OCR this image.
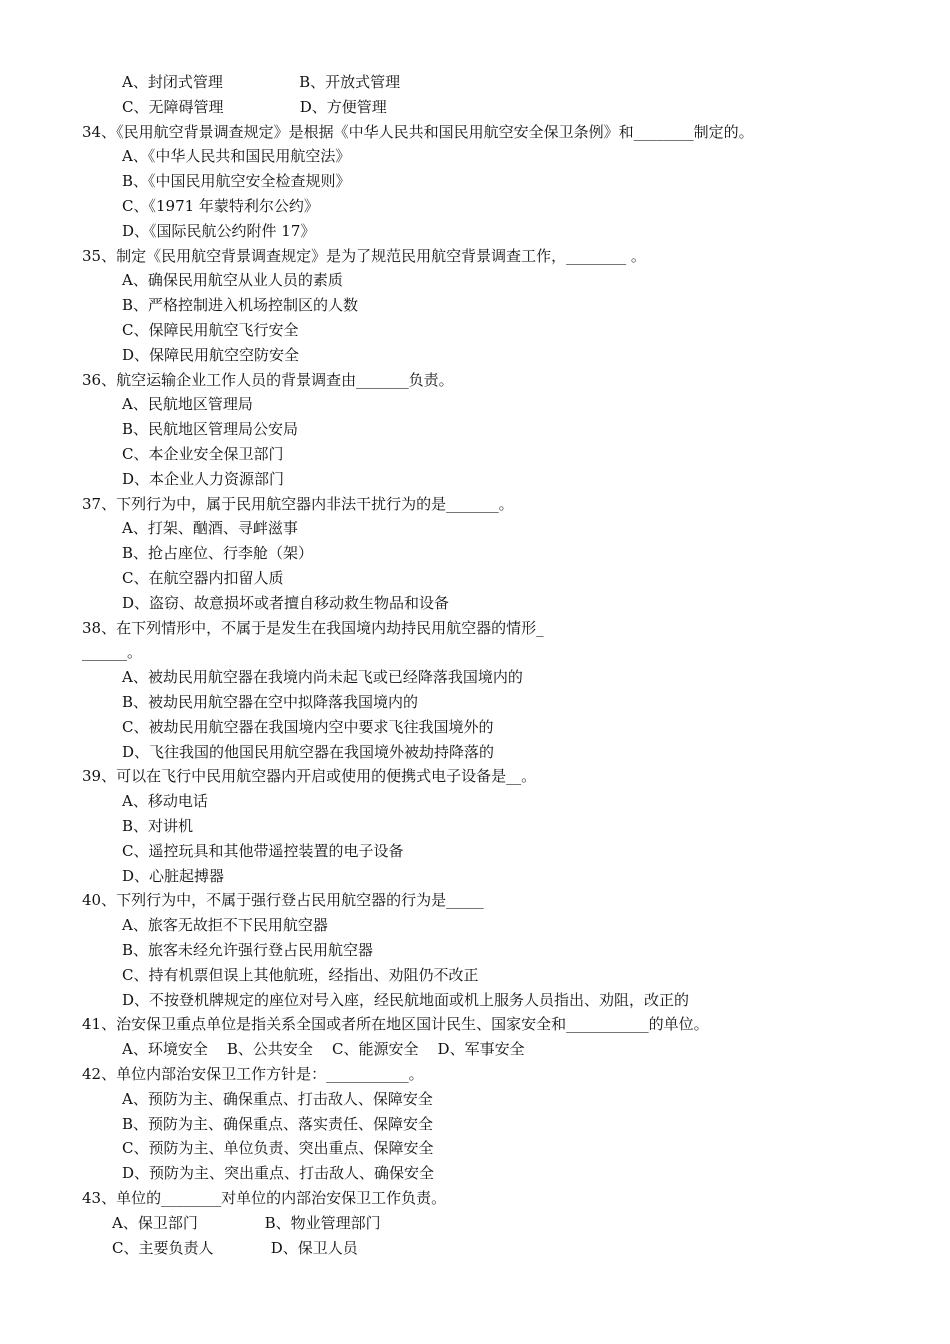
A、封闭式管理                B、开放式管理
C、无障碍管理                D、方便管理
34、《民用航空背景调查规定》是根据《中华人民共和国民用航空安全保卫条例》和________制定的。
A、《中华人民共和国民用航空法》
B、《中国民用航空安全检查规则》
C、《1971 年蒙特利尔公约》
D、《国际民航公约附件 17》
35、制定《民用航空背景调查规定》是为了规范民用航空背景调查工作，________ 。
A、确保民用航空从业人员的素质
B、严格控制进入机场控制区的人数
C、保障民用航空飞行安全
D、保障民用航空空防安全
36、航空运输企业工作人员的背景调查由_______负责。
A、民航地区管理局
B、民航地区管理局公安局
C、本企业安全保卫部门
D、本企业人力资源部门
37、下列行为中，属于民用航空器内非法干扰行为的是_______。
A、打架、酗酒、寻衅滋事
B、抢占座位、行李舱（架）
C、在航空器内扣留人质
D、盗窃、故意损坏或者擅自移动救生物品和设备
38、在下列情形中，不属于是发生在我国境内劫持民用航空器的情形_
______。
A、被劫民用航空器在我境内尚未起飞或已经降落我国境内的
B、被劫民用航空器在空中拟降落我国境内的
C、被劫民用航空器在我国境内空中要求飞往我国境外的
D、飞往我国的他国民用航空器在我国境外被劫持降落的
39、可以在飞行中民用航空器内开启或使用的便携式电子设备是__。
A、移动电话
B、对讲机
C、遥控玩具和其他带遥控装置的电子设备
D、心脏起搏器
40、下列行为中，不属于强行登占民用航空器的行为是_____
A、旅客无故拒不下民用航空器
B、旅客未经允许强行登占民用航空器
C、持有机票但误上其他航班，经指出、劝阻仍不改正
D、不按登机牌规定的座位对号入座，经民航地面或机上服务人员指出、劝阻，改正的
41、治安保卫重点单位是指关系全国或者所在地区国计民生、国家安全和___________的单位。
A、环境安全    B、公共安全    C、能源安全    D、军事安全
42、单位内部治安保卫工作方针是：___________。
A、预防为主、确保重点、打击敌人、保障安全
B、预防为主、确保重点、落实责任、保障安全
C、预防为主、单位负责、突出重点、保障安全
D、预防为主、突出重点、打击敌人、确保安全
43、单位的________对单位的内部治安保卫工作负责。
A、保卫部门              B、物业管理部门
C、主要负责人            D、保卫人员
